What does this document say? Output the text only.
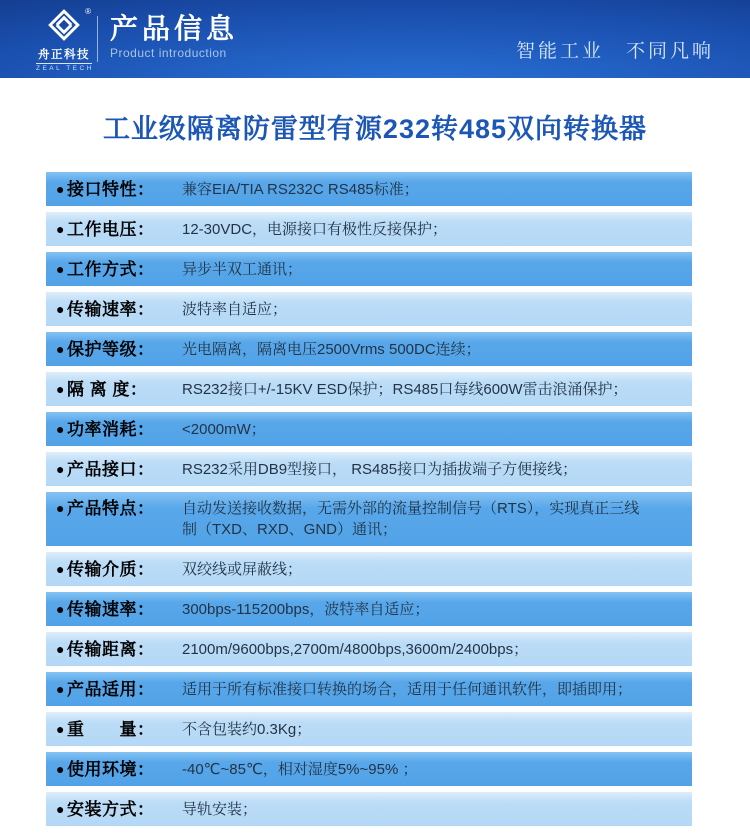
®
舟正科技
ZEAL TECH
产品信息
Product introduction	智能工业　不同凡响
工业级隔离防雷型有源232转485双向转换器
● 接口特性： 兼容EIA/TIA RS232C RS485标准；
● 工作电压： 12-30VDC，电源接口有极性反接保护；
● 工作方式： 异步半双工通讯；
● 传输速率： 波特率自适应；
● 保护等级： 光电隔离，隔离电压2500Vrms 500DC连续；
● 隔 离 度： RS232接口+/-15KV ESD保护；RS485口每线600W雷击浪涌保护；
● 功率消耗： <2000mW；
● 产品接口： RS232采用DB9型接口， RS485接口为插拔端子方便接线；
● 产品特点： 自动发送接收数据，无需外部的流量控制信号（RTS），实现真正三线制（TXD、RXD、GND）通讯；
● 传输介质： 双绞线或屏蔽线；
● 传输速率： 300bps-115200bps，波特率自适应；
● 传输距离： 2100m/9600bps,2700m/4800bps,3600m/2400bps；
● 产品适用： 适用于所有标准接口转换的场合，适用于任何通讯软件，即插即用；
● 重　　量： 不含包装约0.3Kg；
● 使用环境： -40℃~85℃，相对湿度5%~95% ；
● 安装方式： 导轨安装；
